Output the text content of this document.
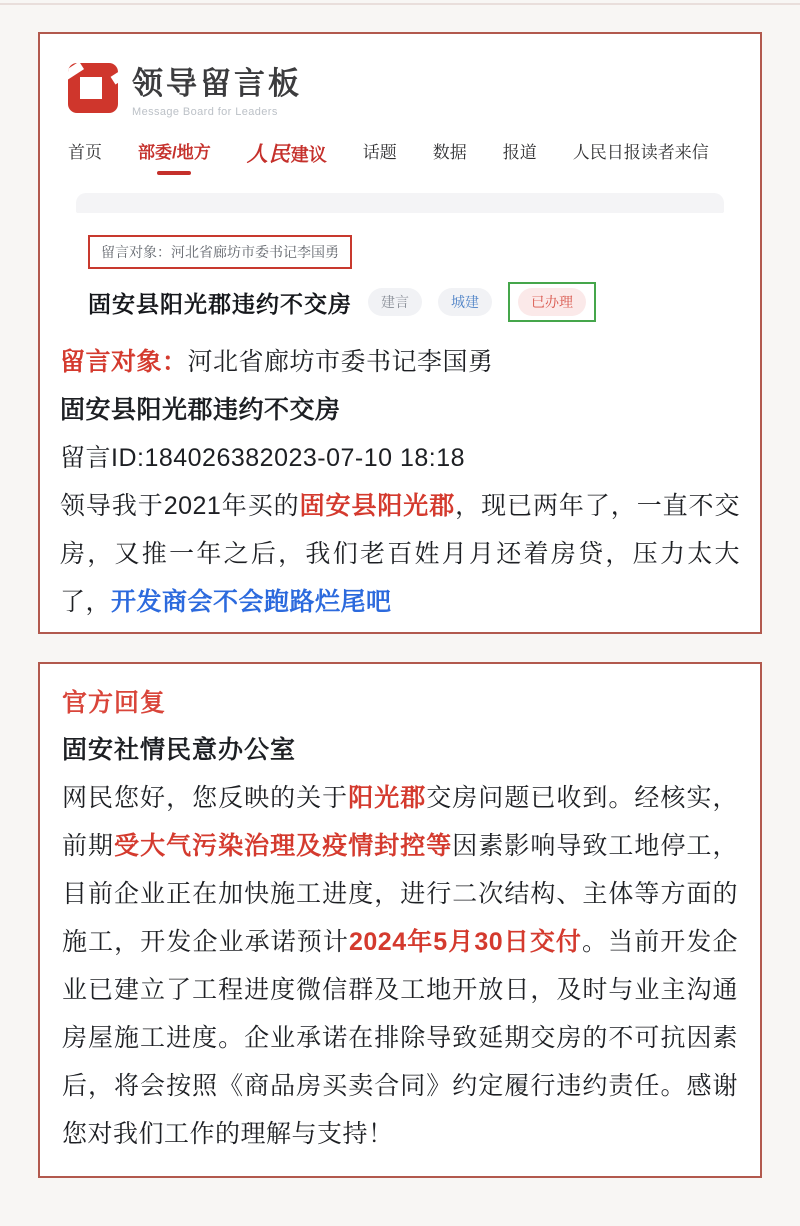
领导留言板
Message Board for Leaders
首页 部委/地方 人民建议 话题 数据 报道 人民日报读者来信
留言对象：河北省廊坊市委书记李国勇
固安县阳光郡违约不交房	建言	城建	已办理
留言对象：河北省廊坊市委书记李国勇
固安县阳光郡违约不交房
留言ID:184026382023-07-10 18:18
领导我于2021年买的固安县阳光郡，现已两年了，一直不交房，又推一年之后，我们老百姓月月还着房贷，压力太大了，开发商会不会跑路烂尾吧
官方回复
固安社情民意办公室
网民您好，您反映的关于阳光郡交房问题已收到。经核实，前期受大气污染治理及疫情封控等因素影响导致工地停工，目前企业正在加快施工进度，进行二次结构、主体等方面的施工，开发企业承诺预计2024年5月30日交付。当前开发企业已建立了工程进度微信群及工地开放日，及时与业主沟通房屋施工进度。企业承诺在排除导致延期交房的不可抗因素后，将会按照《商品房买卖合同》约定履行违约责任。感谢您对我们工作的理解与支持！
